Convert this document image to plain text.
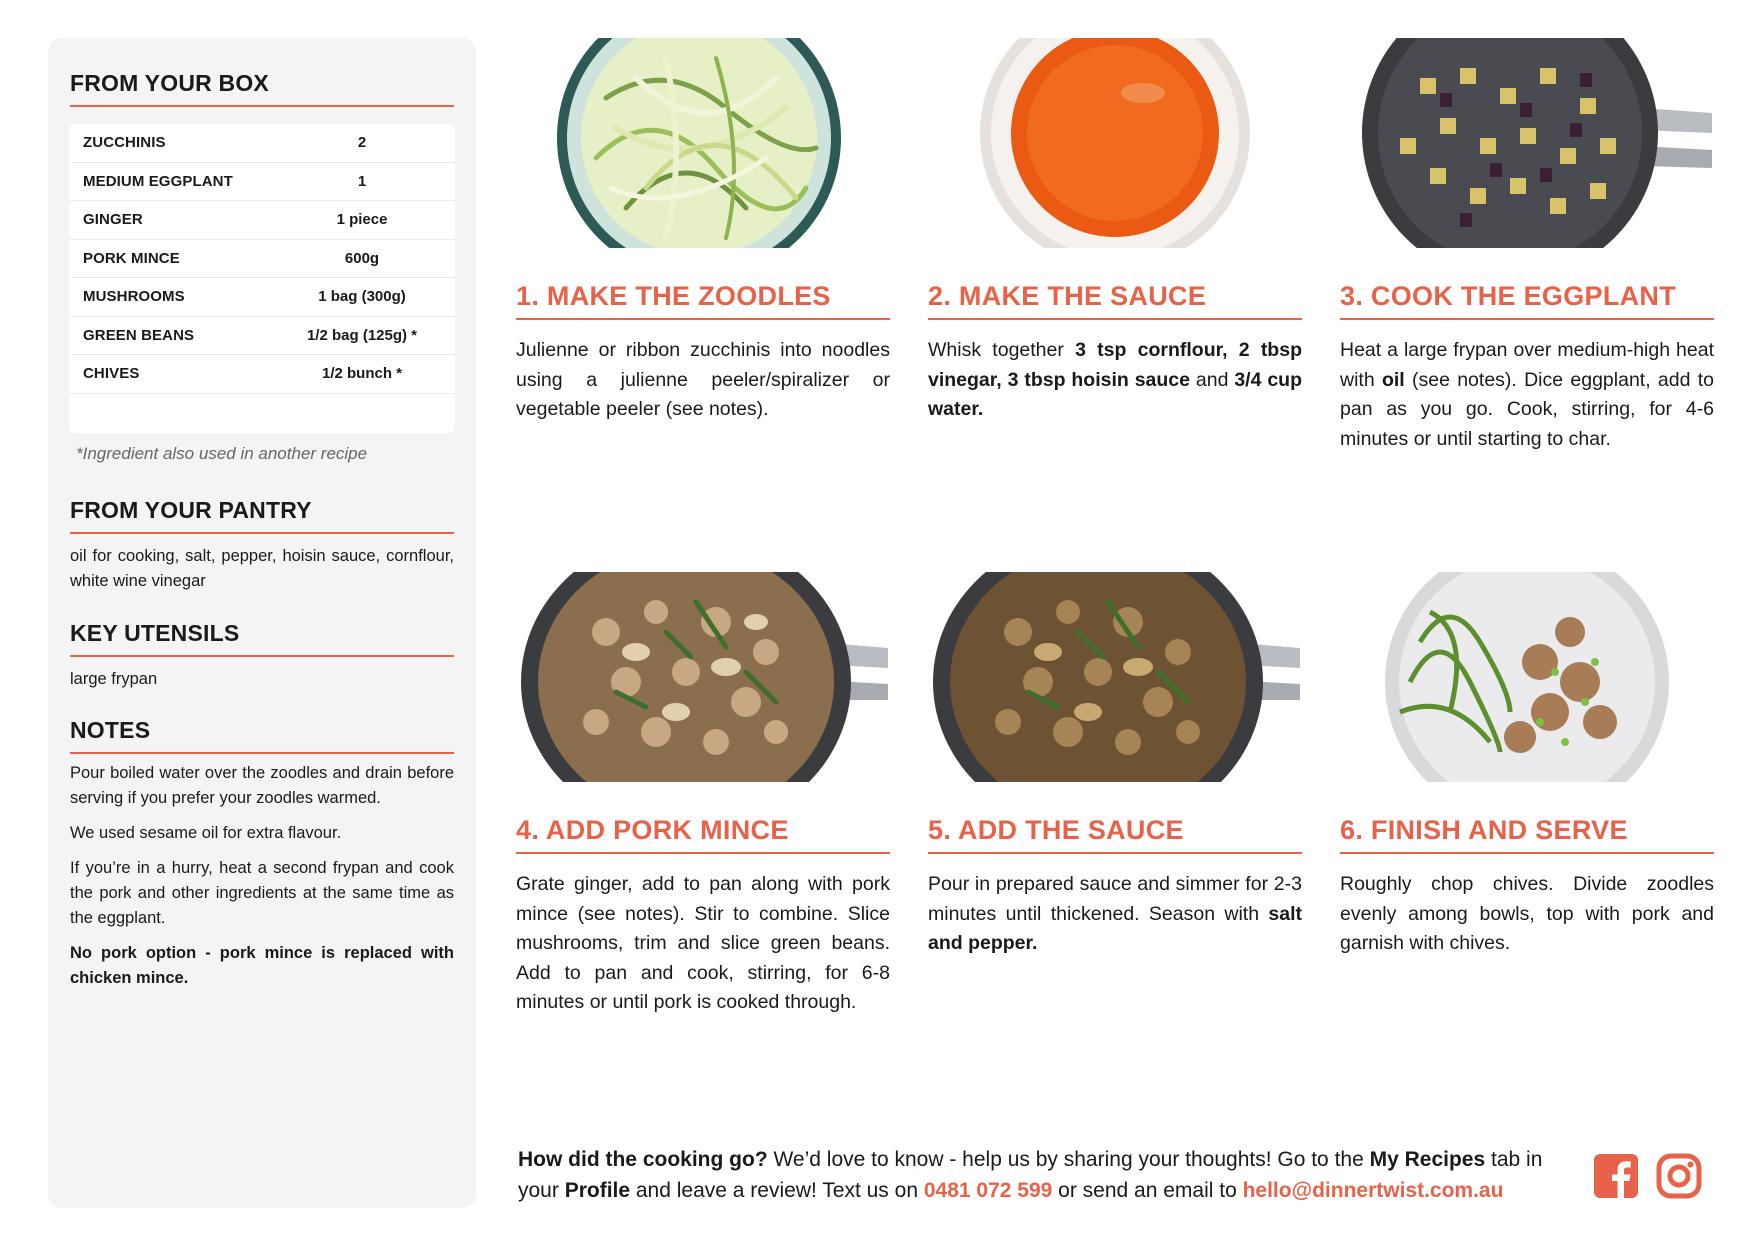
FROM YOUR BOX
ZUCCHINIS	2
MEDIUM EGGPLANT	1
GINGER	1 piece
PORK MINCE	600g
MUSHROOMS	1 bag (300g)
GREEN BEANS	1/2 bag (125g) *
CHIVES	1/2 bunch *
*Ingredient also used in another recipe
FROM YOUR PANTRY
oil for cooking, salt, pepper, hoisin sauce, cornflour, white wine vinegar
KEY UTENSILS
large frypan
NOTES

Pour boiled water over the zoodles and drain before serving if you prefer your zoodles warmed.

We used sesame oil for extra flavour.

If you’re in a hurry, heat a second frypan and cook the pork and other ingredients at the same time as the eggplant.

No pork option - pork mince is replaced with chicken mince.

1. MAKE THE ZOODLES
Julienne or ribbon zucchinis into noodles using a julienne peeler/spiralizer or vegetable peeler (see notes).
2. MAKE THE SAUCE
Whisk together 3 tsp cornflour, 2 tbsp vinegar, 3 tbsp hoisin sauce and 3/4 cup water.
3. COOK THE EGGPLANT
Heat a large frypan over medium-high heat with oil (see notes). Dice eggplant, add to pan as you go. Cook, stirring, for 4-6 minutes or until starting to char.
4. ADD PORK MINCE
Grate ginger, add to pan along with pork mince (see notes). Stir to combine. Slice mushrooms, trim and slice green beans. Add to pan and cook, stirring, for 6-8 minutes or until pork is cooked through.
5. ADD THE SAUCE
Pour in prepared sauce and simmer for 2-3 minutes until thickened. Season with salt and pepper.
6. FINISH AND SERVE
Roughly chop chives. Divide zoodles evenly among bowls, top with pork and garnish with chives.
How did the cooking go? We’d love to know - help us by sharing your thoughts! Go to the My Recipes tab in your Profile and leave a review! Text us on 0481 072 599 or send an email to hello@dinnertwist.com.au
